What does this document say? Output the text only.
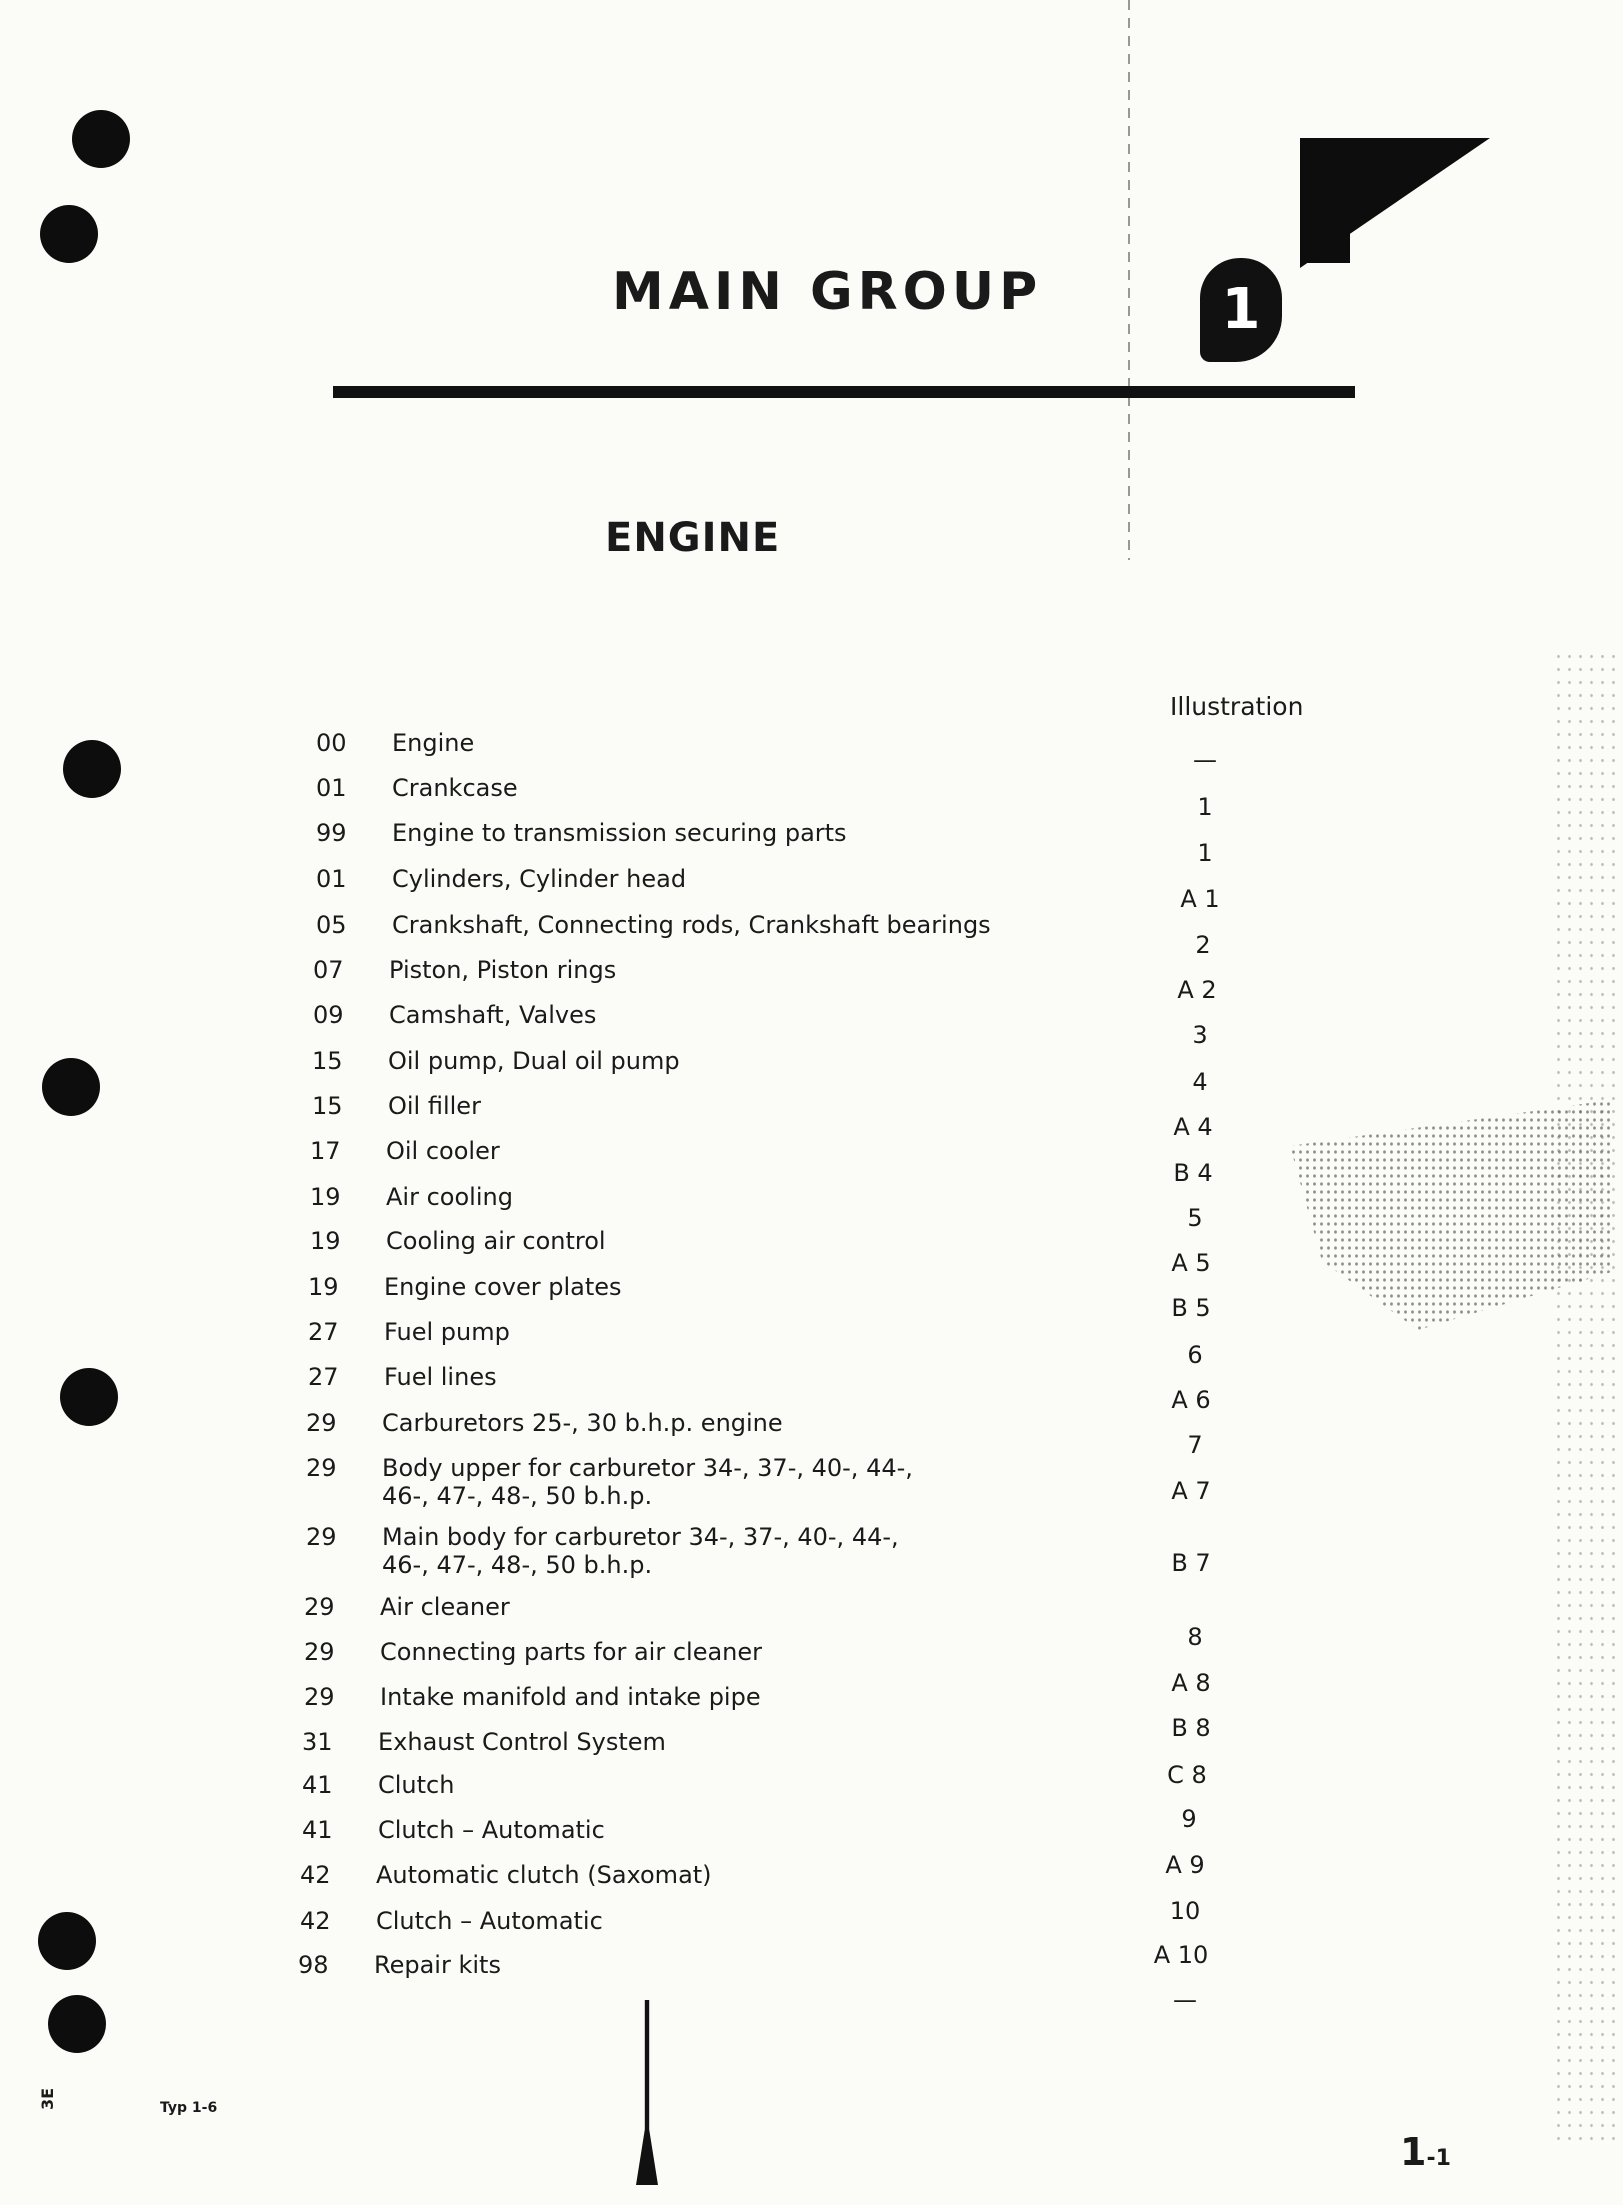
MAIN GROUP	1
ENGINE
Illustration
00 Engine
01 Crankcase
99 Engine to transmission securing parts
01 Cylinders, Cylinder head
05 Crankshaft, Connecting rods, Crankshaft bearings
07 Piston, Piston rings
09 Camshaft, Valves
15 Oil pump, Dual oil pump
15 Oil filler
17 Oil cooler
19 Air cooling
19 Cooling air control
19 Engine cover plates
27 Fuel pump
27 Fuel lines
29 Carburetors 25-, 30 b.h.p. engine
29 Body upper for carburetor 34-, 37-, 40-, 44-,
46-, 47-, 48-, 50 b.h.p.
29 Main body for carburetor 34-, 37-, 40-, 44-,
46-, 47-, 48-, 50 b.h.p.
29 Air cleaner
29 Connecting parts for air cleaner
29 Intake manifold and intake pipe
31 Exhaust Control System
41 Clutch
41 Clutch – Automatic
42 Automatic clutch (Saxomat)
42 Clutch – Automatic
98 Repair kits
—
1
1
A 1
2
A 2
3
4
A 4
B 4
5
A 5
B 5
6
A 6
7
A 7
B 7
8
A 8
B 8
C 8
9
A 9
10
A 10
—
Typ 1-6
1-1
3E
